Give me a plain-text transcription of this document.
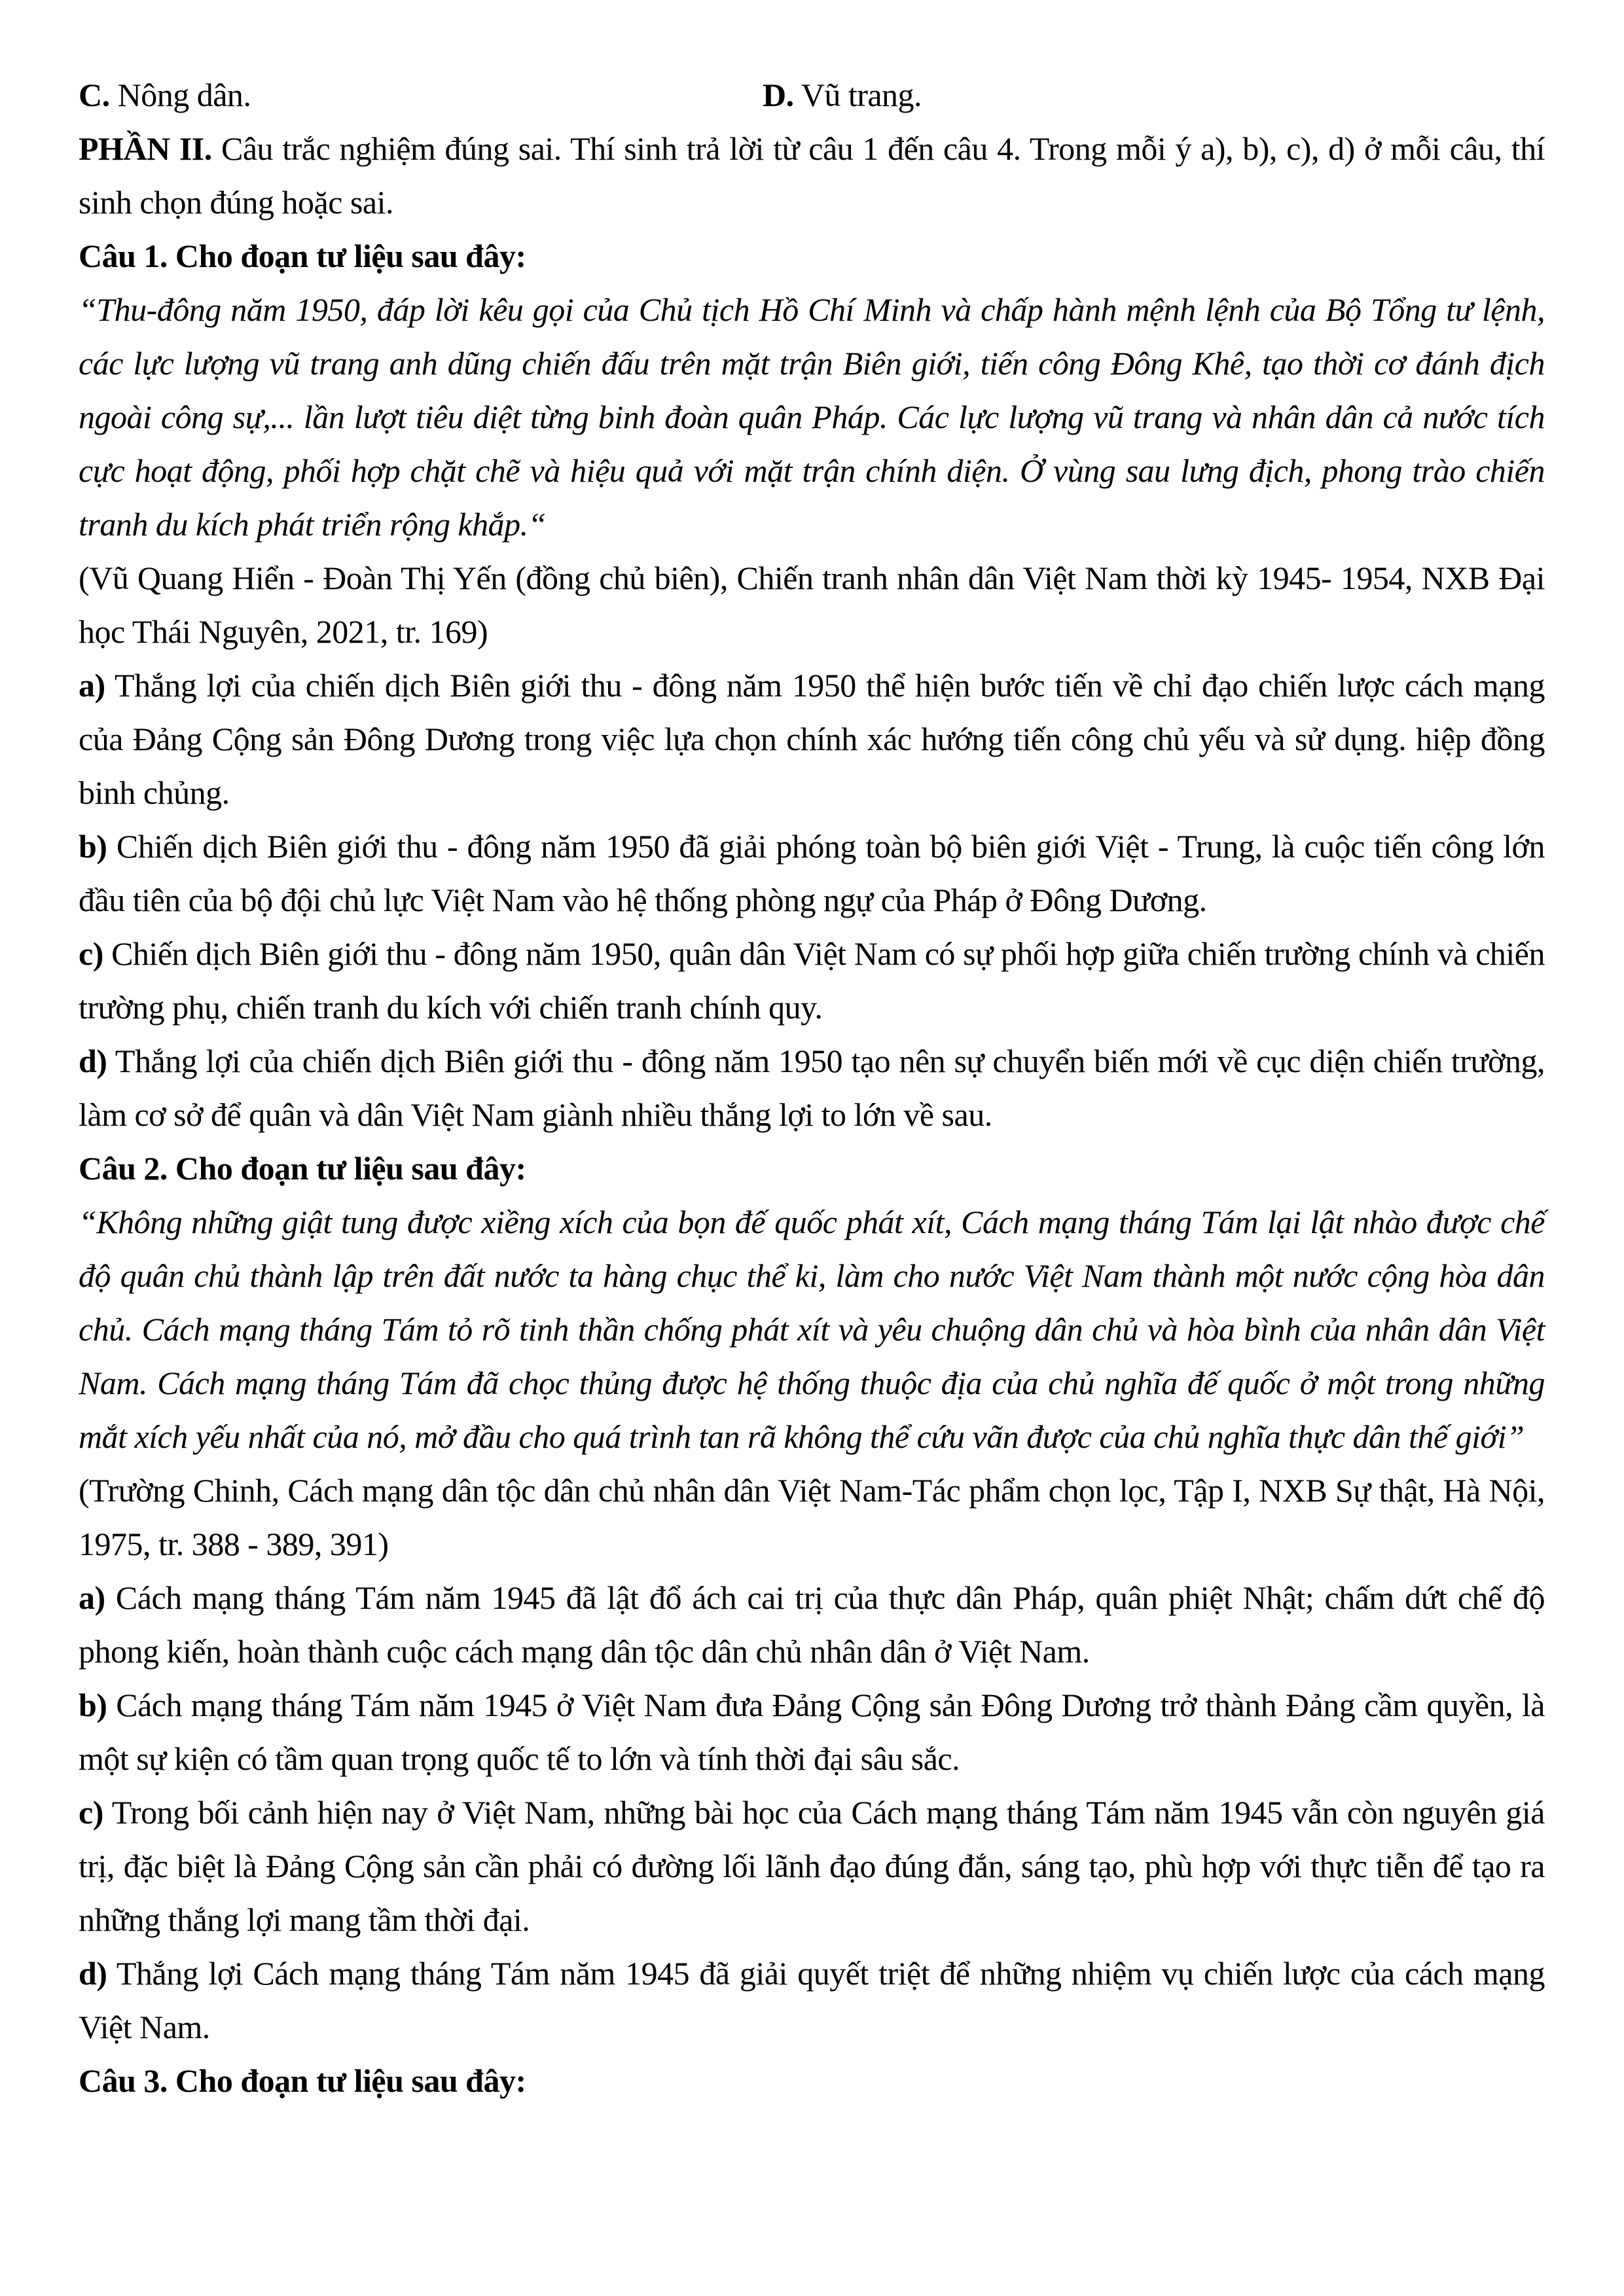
C. Nông dân.	D. Vũ trang.
PHẦN II. Câu trắc nghiệm đúng sai. Thí sinh trả lời từ câu 1 đến câu 4. Trong mỗi ý a), b), c), d) ở mỗi câu, thí sinh chọn đúng hoặc sai.
Câu 1. Cho đoạn tư liệu sau đây:
“Thu-đông năm 1950, đáp lời kêu gọi của Chủ tịch Hồ Chí Minh và chấp hành mệnh lệnh của Bộ Tổng tư lệnh, các lực lượng vũ trang anh dũng chiến đấu trên mặt trận Biên giới, tiến công Đông Khê, tạo thời cơ đánh địch ngoài công sự,... lần lượt tiêu diệt từng binh đoàn quân Pháp. Các lực lượng vũ trang và nhân dân cả nước tích cực hoạt động, phối hợp chặt chẽ và hiệu quả với mặt trận chính diện. Ở vùng sau lưng địch, phong trào chiến tranh du kích phát triển rộng khắp.“
(Vũ Quang Hiển - Đoàn Thị Yến (đồng chủ biên), Chiến tranh nhân dân Việt Nam thời kỳ 1945- 1954, NXB Đại học Thái Nguyên, 2021, tr. 169)
a) Thắng lợi của chiến dịch Biên giới thu - đông năm 1950 thể hiện bước tiến về chỉ đạo chiến lược cách mạng của Đảng Cộng sản Đông Dương trong việc lựa chọn chính xác hướng tiến công chủ yếu và sử dụng. hiệp đồng binh chủng.
b) Chiến dịch Biên giới thu - đông năm 1950 đã giải phóng toàn bộ biên giới Việt - Trung, là cuộc tiến công lớn đầu tiên của bộ đội chủ lực Việt Nam vào hệ thống phòng ngự của Pháp ở Đông Dương.
c) Chiến dịch Biên giới thu - đông năm 1950, quân dân Việt Nam có sự phối hợp giữa chiến trường chính và chiến trường phụ, chiến tranh du kích với chiến tranh chính quy.
d) Thắng lợi của chiến dịch Biên giới thu - đông năm 1950 tạo nên sự chuyển biến mới về cục diện chiến trường, làm cơ sở để quân và dân Việt Nam giành nhiều thắng lợi to lớn về sau.
Câu 2. Cho đoạn tư liệu sau đây:
“Không những giật tung được xiềng xích của bọn đế quốc phát xít, Cách mạng tháng Tám lại lật nhào được chế độ quân chủ thành lập trên đất nước ta hàng chục thể ki, làm cho nước Việt Nam thành một nước cộng hòa dân chủ. Cách mạng tháng Tám tỏ rõ tinh thần chống phát xít và yêu chuộng dân chủ và hòa bình của nhân dân Việt Nam. Cách mạng tháng Tám đã chọc thủng được hệ thống thuộc địa của chủ nghĩa đế quốc ở một trong những mắt xích yếu nhất của nó, mở đầu cho quá trình tan rã không thể cứu vãn được của chủ nghĩa thực dân thế giới”
(Trường Chinh, Cách mạng dân tộc dân chủ nhân dân Việt Nam-Tác phẩm chọn lọc, Tập I, NXB Sự thật, Hà Nội, 1975, tr. 388 - 389, 391)
a) Cách mạng tháng Tám năm 1945 đã lật đổ ách cai trị của thực dân Pháp, quân phiệt Nhật; chấm dứt chế độ phong kiến, hoàn thành cuộc cách mạng dân tộc dân chủ nhân dân ở Việt Nam.
b) Cách mạng tháng Tám năm 1945 ở Việt Nam đưa Đảng Cộng sản Đông Dương trở thành Đảng cầm quyền, là một sự kiện có tầm quan trọng quốc tế to lớn và tính thời đại sâu sắc.
c) Trong bối cảnh hiện nay ở Việt Nam, những bài học của Cách mạng tháng Tám năm 1945 vẫn còn nguyên giá trị, đặc biệt là Đảng Cộng sản cần phải có đường lối lãnh đạo đúng đắn, sáng tạo, phù hợp với thực tiễn để tạo ra những thắng lợi mang tầm thời đại.
d) Thắng lợi Cách mạng tháng Tám năm 1945 đã giải quyết triệt để những nhiệm vụ chiến lược của cách mạng Việt Nam.
Câu 3. Cho đoạn tư liệu sau đây:
